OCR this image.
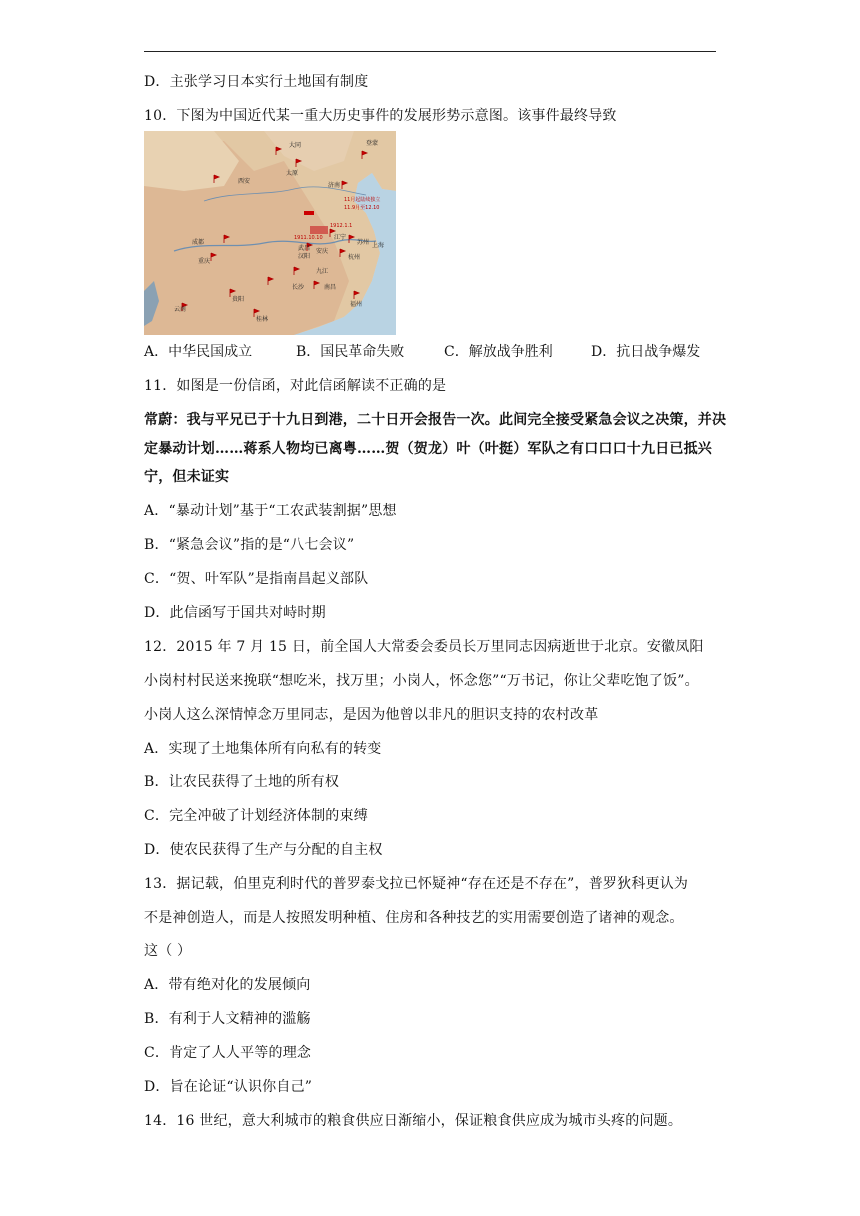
D．主张学习日本实行土地国有制度
10．下图为中国近代某一重大历史事件的发展形势示意图。该事件最终导致
大同
太原
济南
西安
成都
重庆
汉阳
武昌 安庆
江宁
苏州 上海
杭州
九江
长沙	南昌
贵阳
福州
桂林
云南
登蒙
1911.10.10
1912.1.1
11月起陆续独立
11.9月至12.10
A．中华民国成立	B．国民革命失败	C．解放战争胜利	D．抗日战争爆发
11．如图是一份信函，对此信函解读不正确的是
常蔚：我与平兄已于十九日到港，二十日开会报告一次。此间完全接受紧急会议之决策，并决
定暴动计划……蒋系人物均已离粤……贺（贺龙）叶（叶挺）军队之有口口口十九日已抵兴
宁，但未证实
A．“暴动计划”基于“工农武装割据”思想
B．“紧急会议”指的是“八七会议”
C．“贺、叶军队”是指南昌起义部队
D．此信函写于国共对峙时期
12．2015 年 7 月 15 日，前全国人大常委会委员长万里同志因病逝世于北京。安徽凤阳
小岗村村民送来挽联“想吃米，找万里；小岗人，怀念您”“万书记，你让父辈吃饱了饭”。
小岗人这么深情悼念万里同志，是因为他曾以非凡的胆识支持的农村改革
A．实现了土地集体所有向私有的转变
B．让农民获得了土地的所有权
C．完全冲破了计划经济体制的束缚
D．使农民获得了生产与分配的自主权
13．据记载，伯里克利时代的普罗泰戈拉已怀疑神“存在还是不存在”，普罗狄科更认为
不是神创造人，而是人按照发明种植、住房和各种技艺的实用需要创造了诸神的观念。
这（ ）
A．带有绝对化的发展倾向
B．有利于人文精神的滥觞
C．肯定了人人平等的理念
D．旨在论证“认识你自己”
14．16 世纪，意大利城市的粮食供应日渐缩小，保证粮食供应成为城市头疼的问题。
